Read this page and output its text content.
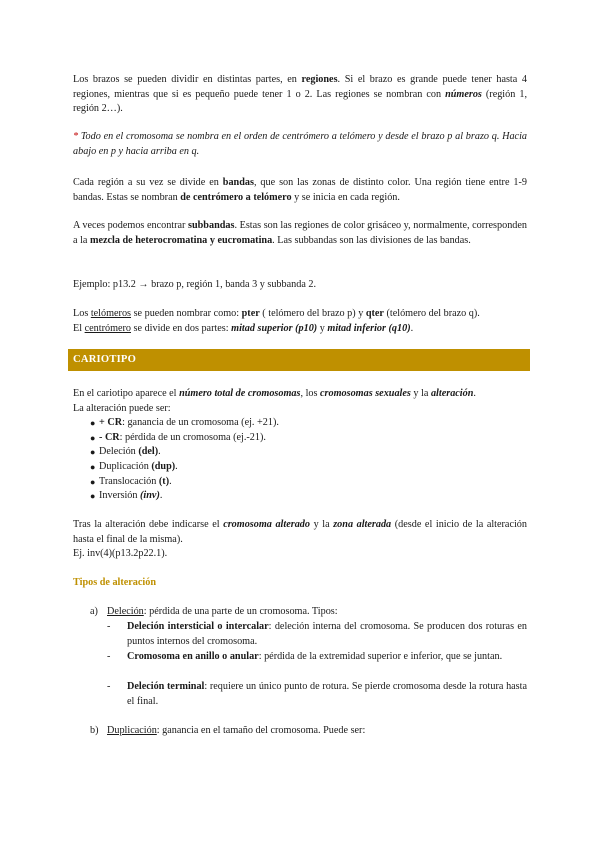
Los brazos se pueden dividir en distintas partes, en regiones. Si el brazo es grande puede tener hasta 4 regiones, mientras que si es pequeño puede tener 1 o 2. Las regiones se nombran con números (región 1, región 2…).
* Todo en el cromosoma se nombra en el orden de centrómero a telómero y desde el brazo p al brazo q. Hacia abajo en p y hacia arriba en q.
Cada región a su vez se divide en bandas, que son las zonas de distinto color. Una región tiene entre 1-9 bandas. Estas se nombran de centrómero a telómero y se inicia en cada región.
A veces podemos encontrar subbandas. Estas son las regiones de color grisáceo y, normalmente, corresponden a la mezcla de heterocromatina y eucromatina. Las subbandas son las divisiones de las bandas.
Ejemplo: p13.2 → brazo p, región 1, banda 3 y subbanda 2.
Los telómeros se pueden nombrar como: pter ( telómero del brazo p) y qter (telómero del brazo q).
El centrómero se divide en dos partes: mitad superior (p10) y mitad inferior (q10).
CARIOTIPO
En el cariotipo aparece el número total de cromosomas, los cromosomas sexuales y la alteración.
La alteración puede ser:
● + CR: ganancia de un cromosoma (ej. +21).
● - CR: pérdida de un cromosoma (ej.-21).
● Deleción (del).
● Duplicación (dup).
● Translocación (t).
● Inversión (inv).
Tras la alteración debe indicarse el cromosoma alterado y la zona alterada (desde el inicio de la alteración hasta el final de la misma).
Ej. inv(4)(p13.2p22.1).
Tipos de alteración
a) Deleción: pérdida de una parte de un cromosoma. Tipos:
- Deleción intersticial o intercalar: deleción interna del cromosoma. Se producen dos roturas en puntos internos del cromosoma.
- Cromosoma en anillo o anular: pérdida de la extremidad superior e inferior, que se juntan.
- Deleción terminal: requiere un único punto de rotura. Se pierde cromosoma desde la rotura hasta el final.
b) Duplicación: ganancia en el tamaño del cromosoma. Puede ser:
